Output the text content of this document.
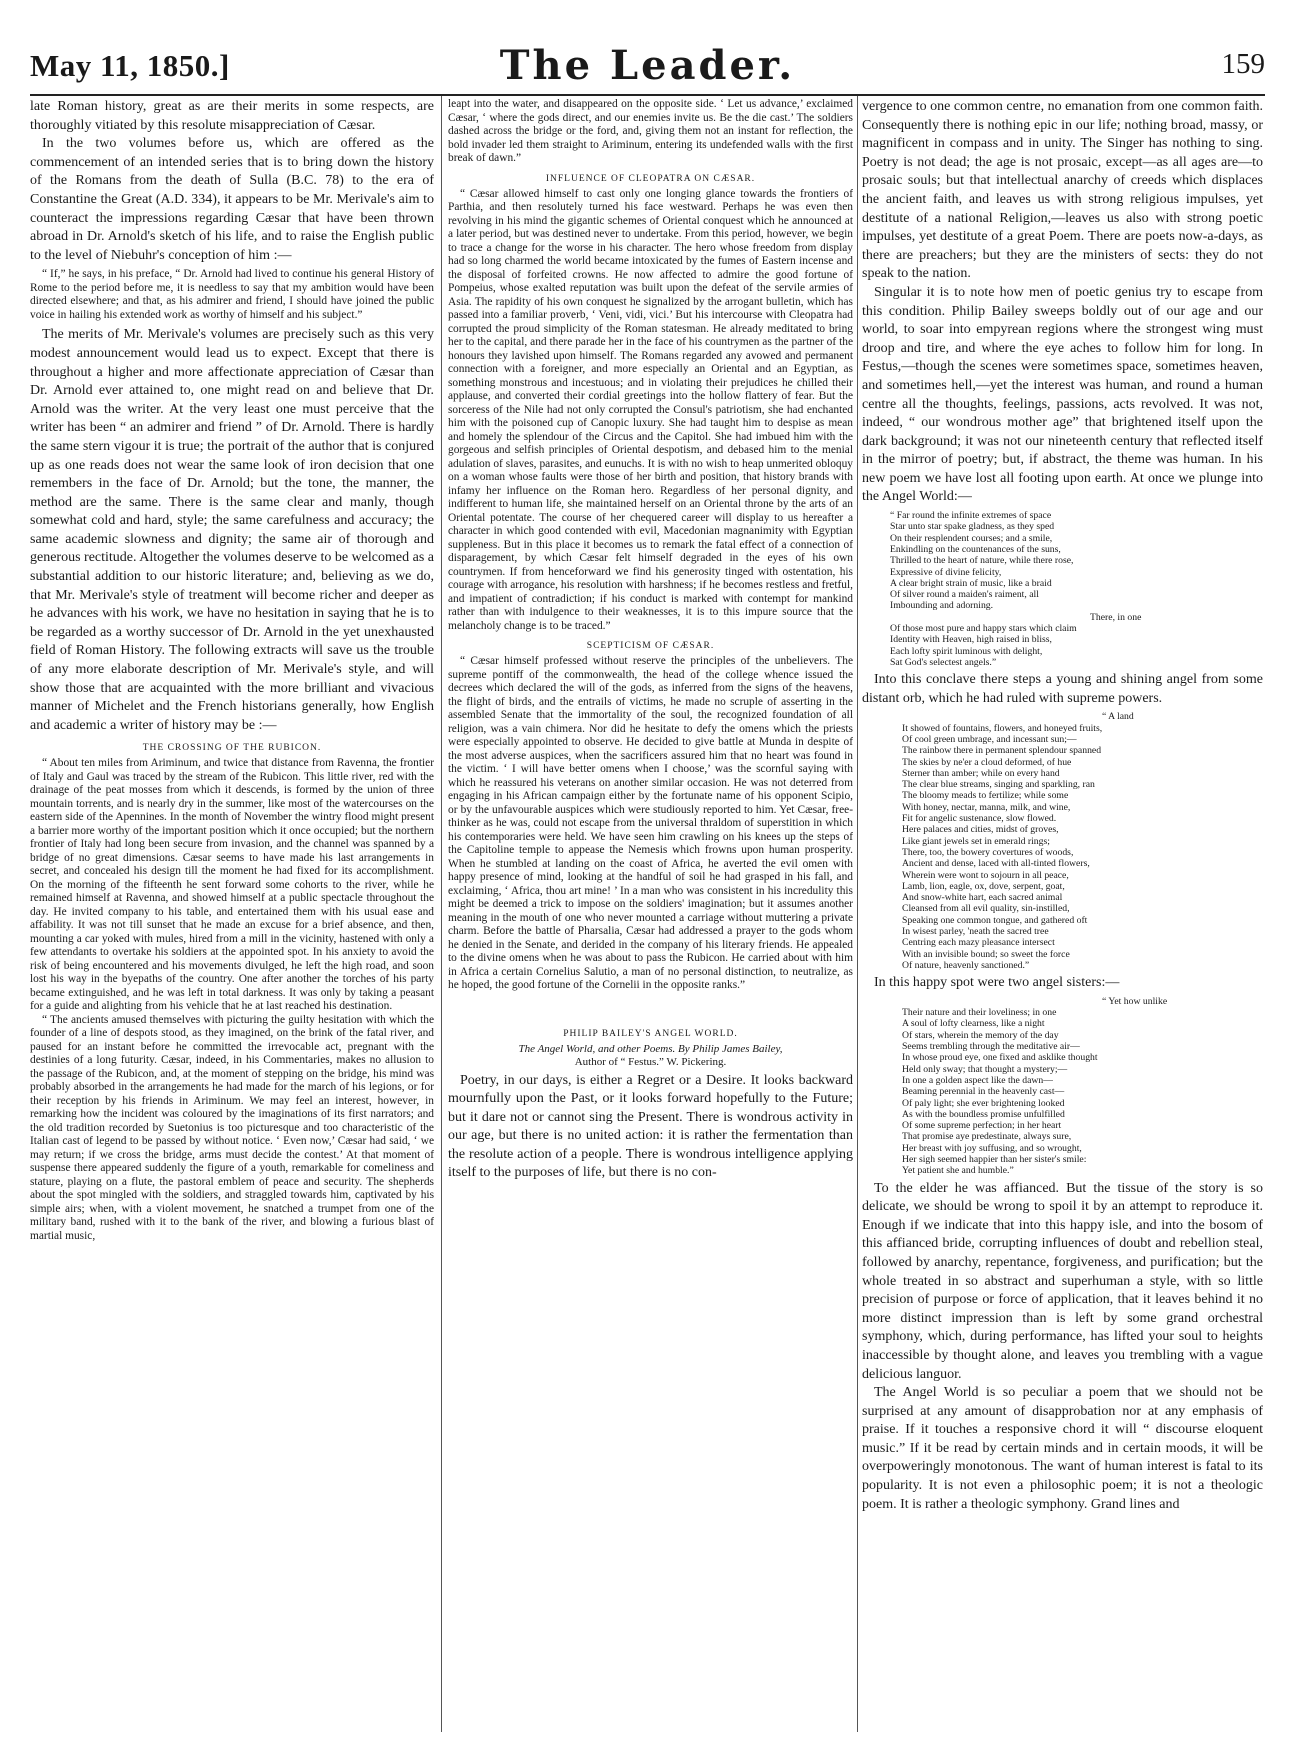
May 11, 1850.]	The Leader.	159

late Roman history, great as are their merits in some respects, are thoroughly vitiated by this resolute misappreciation of Cæsar.

In the two volumes before us, which are offered as the commencement of an intended series that is to bring down the history of the Romans from the death of Sulla (B.C. 78) to the era of Constantine the Great (A.D. 334), it appears to be Mr. Merivale's aim to counteract the impressions regarding Cæsar that have been thrown abroad in Dr. Arnold's sketch of his life, and to raise the English public to the level of Niebuhr's conception of him :—

“ If,” he says, in his preface, “ Dr. Arnold had lived to continue his general History of Rome to the period before me, it is needless to say that my ambition would have been directed elsewhere; and that, as his admirer and friend, I should have joined the public voice in hailing his extended work as worthy of himself and his subject.”

The merits of Mr. Merivale's volumes are precisely such as this very modest announcement would lead us to expect. Except that there is throughout a higher and more affectionate appreciation of Cæsar than Dr. Arnold ever attained to, one might read on and believe that Dr. Arnold was the writer. At the very least one must perceive that the writer has been “ an admirer and friend ” of Dr. Arnold. There is hardly the same stern vigour it is true; the portrait of the author that is conjured up as one reads does not wear the same look of iron decision that one remembers in the face of Dr. Arnold; but the tone, the manner, the method are the same. There is the same clear and manly, though somewhat cold and hard, style; the same carefulness and accuracy; the same academic slowness and dignity; the same air of thorough and generous rectitude. Altogether the volumes deserve to be welcomed as a substantial addition to our historic literature; and, believing as we do, that Mr. Merivale's style of treatment will become richer and deeper as he advances with his work, we have no hesitation in saying that he is to be regarded as a worthy successor of Dr. Arnold in the yet unexhausted field of Roman History. The following extracts will save us the trouble of any more elaborate description of Mr. Merivale's style, and will show those that are acquainted with the more brilliant and vivacious manner of Michelet and the French historians generally, how English and academic a writer of history may be :—

THE CROSSING OF THE RUBICON.

“ About ten miles from Ariminum, and twice that distance from Ravenna, the frontier of Italy and Gaul was traced by the stream of the Rubicon. This little river, red with the drainage of the peat mosses from which it descends, is formed by the union of three mountain torrents, and is nearly dry in the summer, like most of the watercourses on the eastern side of the Apennines. In the month of November the wintry flood might present a barrier more worthy of the important position which it once occupied; but the northern frontier of Italy had long been secure from invasion, and the channel was spanned by a bridge of no great dimensions. Cæsar seems to have made his last arrangements in secret, and concealed his design till the moment he had fixed for its accomplishment. On the morning of the fifteenth he sent forward some cohorts to the river, while he remained himself at Ravenna, and showed himself at a public spectacle throughout the day. He invited company to his table, and entertained them with his usual ease and affability. It was not till sunset that he made an excuse for a brief absence, and then, mounting a car yoked with mules, hired from a mill in the vicinity, hastened with only a few attendants to overtake his soldiers at the appointed spot. In his anxiety to avoid the risk of being encountered and his movements divulged, he left the high road, and soon lost his way in the byepaths of the country. One after another the torches of his party became extinguished, and he was left in total darkness. It was only by taking a peasant for a guide and alighting from his vehicle that he at last reached his destination.

“ The ancients amused themselves with picturing the guilty hesitation with which the founder of a line of despots stood, as they imagined, on the brink of the fatal river, and paused for an instant before he committed the irrevocable act, pregnant with the destinies of a long futurity. Cæsar, indeed, in his Commentaries, makes no allusion to the passage of the Rubicon, and, at the moment of stepping on the bridge, his mind was probably absorbed in the arrangements he had made for the march of his legions, or for their reception by his friends in Ariminum. We may feel an interest, however, in remarking how the incident was coloured by the imaginations of its first narrators; and the old tradition recorded by Suetonius is too picturesque and too characteristic of the Italian cast of legend to be passed by without notice. ‘ Even now,’ Cæsar had said, ‘ we may return; if we cross the bridge, arms must decide the contest.’ At that moment of suspense there appeared suddenly the figure of a youth, remarkable for comeliness and stature, playing on a flute, the pastoral emblem of peace and security. The shepherds about the spot mingled with the soldiers, and straggled towards him, captivated by his simple airs; when, with a violent movement, he snatched a trumpet from one of the military band, rushed with it to the bank of the river, and blowing a furious blast of martial music,

leapt into the water, and disappeared on the opposite side. ‘ Let us advance,’ exclaimed Cæsar, ‘ where the gods direct, and our enemies invite us. Be the die cast.’ The soldiers dashed across the bridge or the ford, and, giving them not an instant for reflection, the bold invader led them straight to Ariminum, entering its undefended walls with the first break of dawn.”

INFLUENCE OF CLEOPATRA ON CÆSAR.

“ Cæsar allowed himself to cast only one longing glance towards the frontiers of Parthia, and then resolutely turned his face westward. Perhaps he was even then revolving in his mind the gigantic schemes of Oriental conquest which he announced at a later period, but was destined never to undertake. From this period, however, we begin to trace a change for the worse in his character. The hero whose freedom from display had so long charmed the world became intoxicated by the fumes of Eastern incense and the disposal of forfeited crowns. He now affected to admire the good fortune of Pompeius, whose exalted reputation was built upon the defeat of the servile armies of Asia. The rapidity of his own conquest he signalized by the arrogant bulletin, which has passed into a familiar proverb, ‘ Veni, vidi, vici.’ But his intercourse with Cleopatra had corrupted the proud simplicity of the Roman statesman. He already meditated to bring her to the capital, and there parade her in the face of his countrymen as the partner of the honours they lavished upon himself. The Romans regarded any avowed and permanent connection with a foreigner, and more especially an Oriental and an Egyptian, as something monstrous and incestuous; and in violating their prejudices he chilled their applause, and converted their cordial greetings into the hollow flattery of fear. But the sorceress of the Nile had not only corrupted the Consul's patriotism, she had enchanted him with the poisoned cup of Canopic luxury. She had taught him to despise as mean and homely the splendour of the Circus and the Capitol. She had imbued him with the gorgeous and selfish principles of Oriental despotism, and debased him to the menial adulation of slaves, parasites, and eunuchs. It is with no wish to heap unmerited obloquy on a woman whose faults were those of her birth and position, that history brands with infamy her influence on the Roman hero. Regardless of her personal dignity, and indifferent to human life, she maintained herself on an Oriental throne by the arts of an Oriental potentate. The course of her chequered career will display to us hereafter a character in which good contended with evil, Macedonian magnanimity with Egyptian suppleness. But in this place it becomes us to remark the fatal effect of a connection of disparagement, by which Cæsar felt himself degraded in the eyes of his own countrymen. If from henceforward we find his generosity tinged with ostentation, his courage with arrogance, his resolution with harshness; if he becomes restless and fretful, and impatient of contradiction; if his conduct is marked with contempt for mankind rather than with indulgence to their weaknesses, it is to this impure source that the melancholy change is to be traced.”

SCEPTICISM OF CÆSAR.

“ Cæsar himself professed without reserve the principles of the unbelievers. The supreme pontiff of the commonwealth, the head of the college whence issued the decrees which declared the will of the gods, as inferred from the signs of the heavens, the flight of birds, and the entrails of victims, he made no scruple of asserting in the assembled Senate that the immortality of the soul, the recognized foundation of all religion, was a vain chimera. Nor did he hesitate to defy the omens which the priests were especially appointed to observe. He decided to give battle at Munda in despite of the most adverse auspices, when the sacrificers assured him that no heart was found in the victim. ‘ I will have better omens when I choose,’ was the scornful saying with which he reassured his veterans on another similar occasion. He was not deterred from engaging in his African campaign either by the fortunate name of his opponent Scipio, or by the unfavourable auspices which were studiously reported to him. Yet Cæsar, free-thinker as he was, could not escape from the universal thraldom of superstition in which his contemporaries were held. We have seen him crawling on his knees up the steps of the Capitoline temple to appease the Nemesis which frowns upon human prosperity. When he stumbled at landing on the coast of Africa, he averted the evil omen with happy presence of mind, looking at the handful of soil he had grasped in his fall, and exclaiming, ‘ Africa, thou art mine! ’ In a man who was consistent in his incredulity this might be deemed a trick to impose on the soldiers' imagination; but it assumes another meaning in the mouth of one who never mounted a carriage without muttering a private charm. Before the battle of Pharsalia, Cæsar had addressed a prayer to the gods whom he denied in the Senate, and derided in the company of his literary friends. He appealed to the divine omens when he was about to pass the Rubicon. He carried about with him in Africa a certain Cornelius Salutio, a man of no personal distinction, to neutralize, as he hoped, the good fortune of the Cornelii in the opposite ranks.”

PHILIP BAILEY'S ANGEL WORLD.
The Angel World, and other Poems. By Philip James Bailey,
Author of “ Festus.” W. Pickering.

Poetry, in our days, is either a Regret or a Desire. It looks backward mournfully upon the Past, or it looks forward hopefully to the Future; but it dare not or cannot sing the Present. There is wondrous activity in our age, but there is no united action: it is rather the fermentation than the resolute action of a people. There is wondrous intelligence applying itself to the purposes of life, but there is no con-

vergence to one common centre, no emanation from one common faith. Consequently there is nothing epic in our life; nothing broad, massy, or magnificent in compass and in unity. The Singer has nothing to sing. Poetry is not dead; the age is not prosaic, except—as all ages are—to prosaic souls; but that intellectual anarchy of creeds which displaces the ancient faith, and leaves us with strong religious impulses, yet destitute of a national Religion,—leaves us also with strong poetic impulses, yet destitute of a great Poem. There are poets now-a-days, as there are preachers; but they are the ministers of sects: they do not speak to the nation.

Singular it is to note how men of poetic genius try to escape from this condition. Philip Bailey sweeps boldly out of our age and our world, to soar into empyrean regions where the strongest wing must droop and tire, and where the eye aches to follow him for long. In Festus,—though the scenes were sometimes space, sometimes heaven, and sometimes hell,—yet the interest was human, and round a human centre all the thoughts, feelings, passions, acts revolved. It was not, indeed, “ our wondrous mother age” that brightened itself upon the dark background; it was not our nineteenth century that reflected itself in the mirror of poetry; but, if abstract, the theme was human. In his new poem we have lost all footing upon earth. At once we plunge into the Angel World:—

“ Far round the infinite extremes of space
Star unto star spake gladness, as they sped
On their resplendent courses; and a smile,
Enkindling on the countenances of the suns,
Thrilled to the heart of nature, while there rose,
Expressive of divine felicity,
A clear bright strain of music, like a braid
Of silver round a maiden's raiment, all
Imbounding and adorning.
There, in one
Of those most pure and happy stars which claim
Identity with Heaven, high raised in bliss,
Each lofty spirit luminous with delight,
Sat God's selectest angels.”

Into this conclave there steps a young and shining angel from some distant orb, which he had ruled with supreme powers.

“ A land
It showed of fountains, flowers, and honeyed fruits,
Of cool green umbrage, and incessant sun;—
The rainbow there in permanent splendour spanned
The skies by ne'er a cloud deformed, of hue
Sterner than amber; while on every hand
The clear blue streams, singing and sparkling, ran
The bloomy meads to fertilize; while some
With honey, nectar, manna, milk, and wine,
Fit for angelic sustenance, slow flowed.
Here palaces and cities, midst of groves,
Like giant jewels set in emerald rings;
There, too, the bowery covertures of woods,
Ancient and dense, laced with all-tinted flowers,
Wherein were wont to sojourn in all peace,
Lamb, lion, eagle, ox, dove, serpent, goat,
And snow-white hart, each sacred animal
Cleansed from all evil quality, sin-instilled,
Speaking one common tongue, and gathered oft
In wisest parley, 'neath the sacred tree
Centring each mazy pleasance intersect
With an invisible bound; so sweet the force
Of nature, heavenly sanctioned.”

In this happy spot were two angel sisters:—

“ Yet how unlike
Their nature and their loveliness; in one
A soul of lofty clearness, like a night
Of stars, wherein the memory of the day
Seems trembling through the meditative air—
In whose proud eye, one fixed and asklike thought
Held only sway; that thought a mystery;—
In one a golden aspect like the dawn—
Beaming perennial in the heavenly cast—
Of paly light; she ever brightening looked
As with the boundless promise unfulfilled
Of some supreme perfection; in her heart
That promise aye predestinate, always sure,
Her breast with joy suffusing, and so wrought,
Her sigh seemed happier than her sister's smile:
Yet patient she and humble.”

To the elder he was affianced. But the tissue of the story is so delicate, we should be wrong to spoil it by an attempt to reproduce it. Enough if we indicate that into this happy isle, and into the bosom of this affianced bride, corrupting influences of doubt and rebellion steal, followed by anarchy, repentance, forgiveness, and purification; but the whole treated in so abstract and superhuman a style, with so little precision of purpose or force of application, that it leaves behind it no more distinct impression than is left by some grand orchestral symphony, which, during performance, has lifted your soul to heights inaccessible by thought alone, and leaves you trembling with a vague delicious languor.

The Angel World is so peculiar a poem that we should not be surprised at any amount of disapprobation nor at any emphasis of praise. If it touches a responsive chord it will “ discourse eloquent music.” If it be read by certain minds and in certain moods, it will be overpoweringly monotonous. The want of human interest is fatal to its popularity. It is not even a philosophic poem; it is not a theologic poem. It is rather a theologic symphony. Grand lines and
